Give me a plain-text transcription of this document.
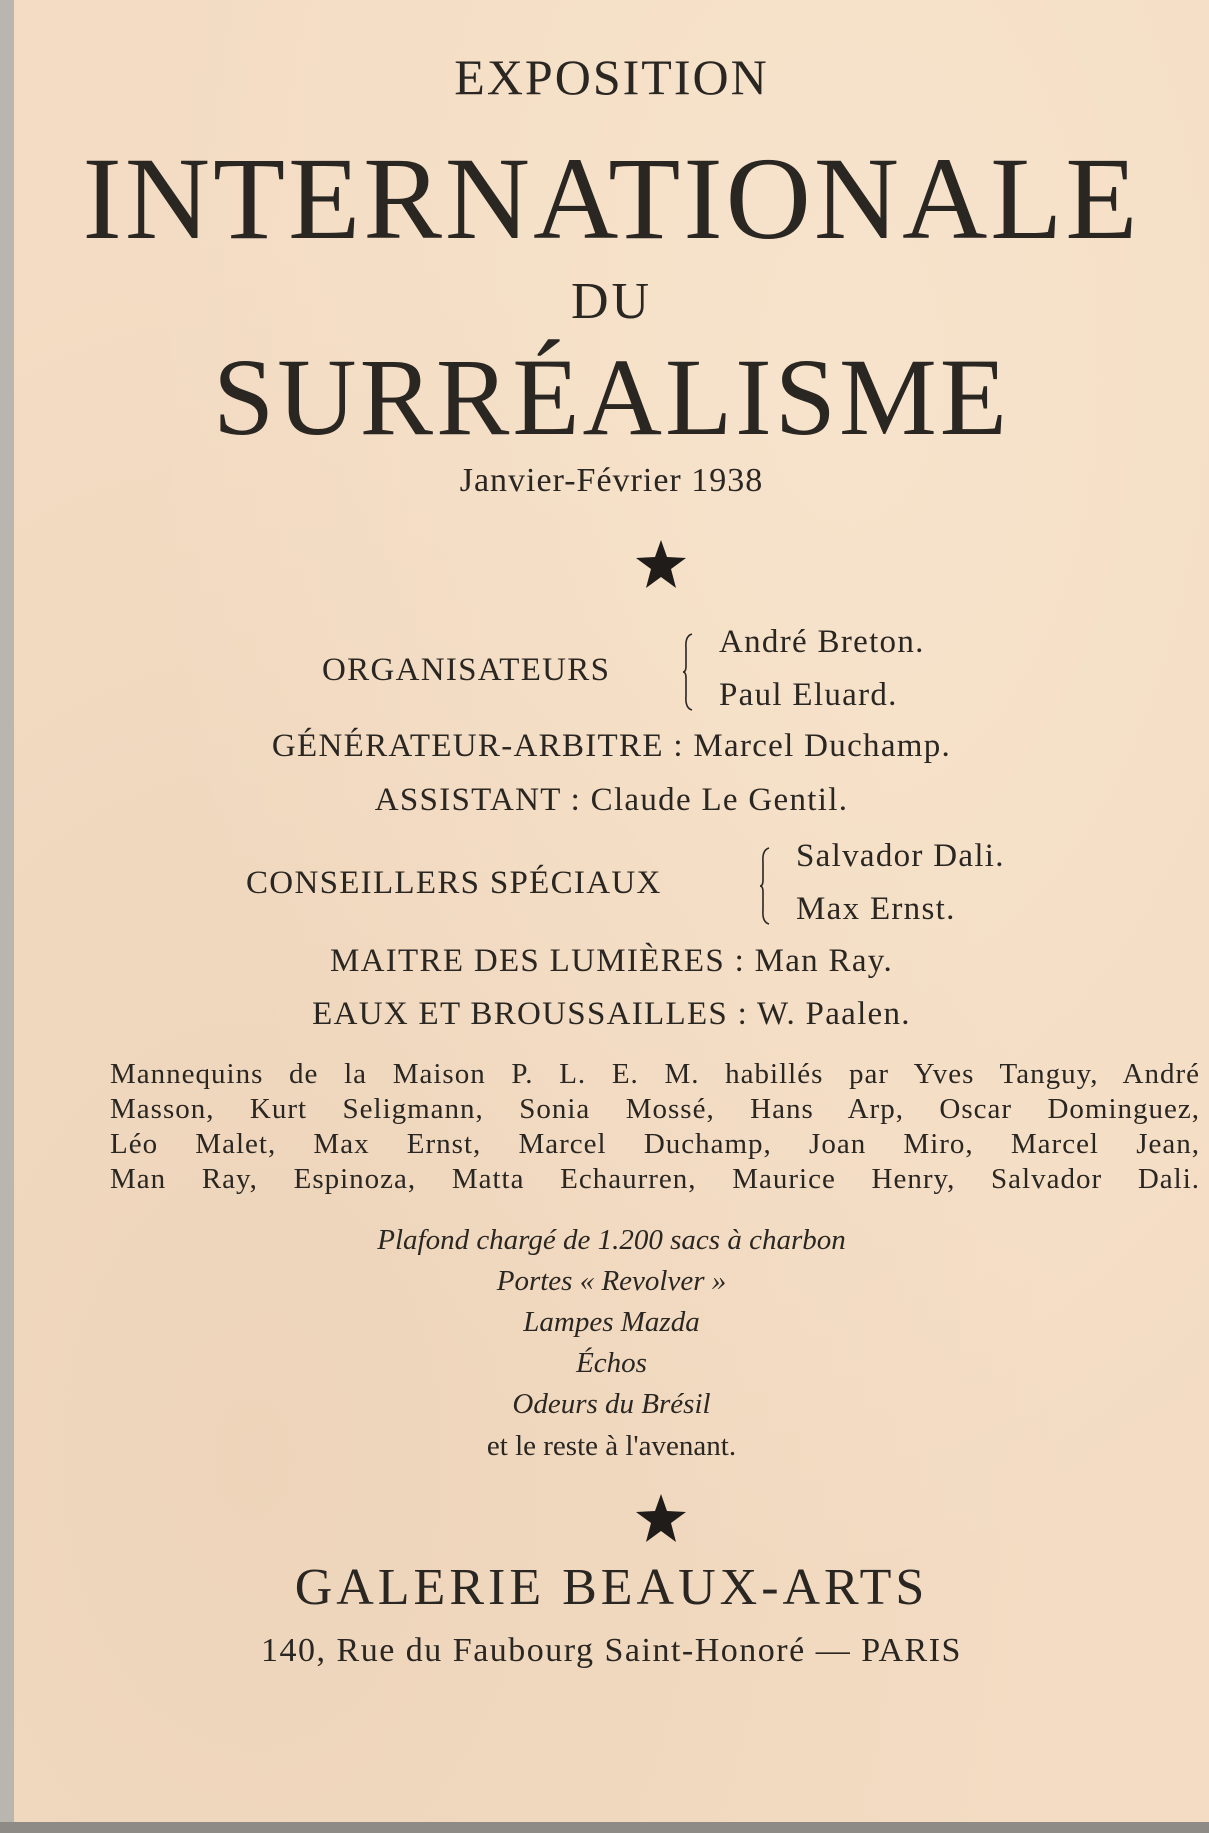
EXPOSITION
INTERNATIONALE
DU
SURRÉALISME
Janvier-Février 1938
ORGANISATEURS
André Breton.
Paul Eluard.
GÉNÉRATEUR-ARBITRE : Marcel Duchamp.
ASSISTANT : Claude Le Gentil.
CONSEILLERS SPÉCIAUX
Salvador Dali.
Max Ernst.
MAITRE DES LUMIÈRES : Man Ray.
EAUX ET BROUSSAILLES : W. Paalen.
Mannequins de la Maison P. L. E. M. habillés par Yves Tanguy, André
Masson, Kurt Seligmann, Sonia Mossé, Hans Arp, Oscar Dominguez,
Léo Malet, Max Ernst, Marcel Duchamp, Joan Miro, Marcel Jean,
Man Ray, Espinoza, Matta Echaurren, Maurice Henry, Salvador Dali.
Plafond chargé de 1.200 sacs à charbon
Portes « Revolver »
Lampes Mazda
Échos
Odeurs du Brésil
et le reste à l'avenant.
GALERIE BEAUX-ARTS
140, Rue du Faubourg Saint-Honoré — PARIS
